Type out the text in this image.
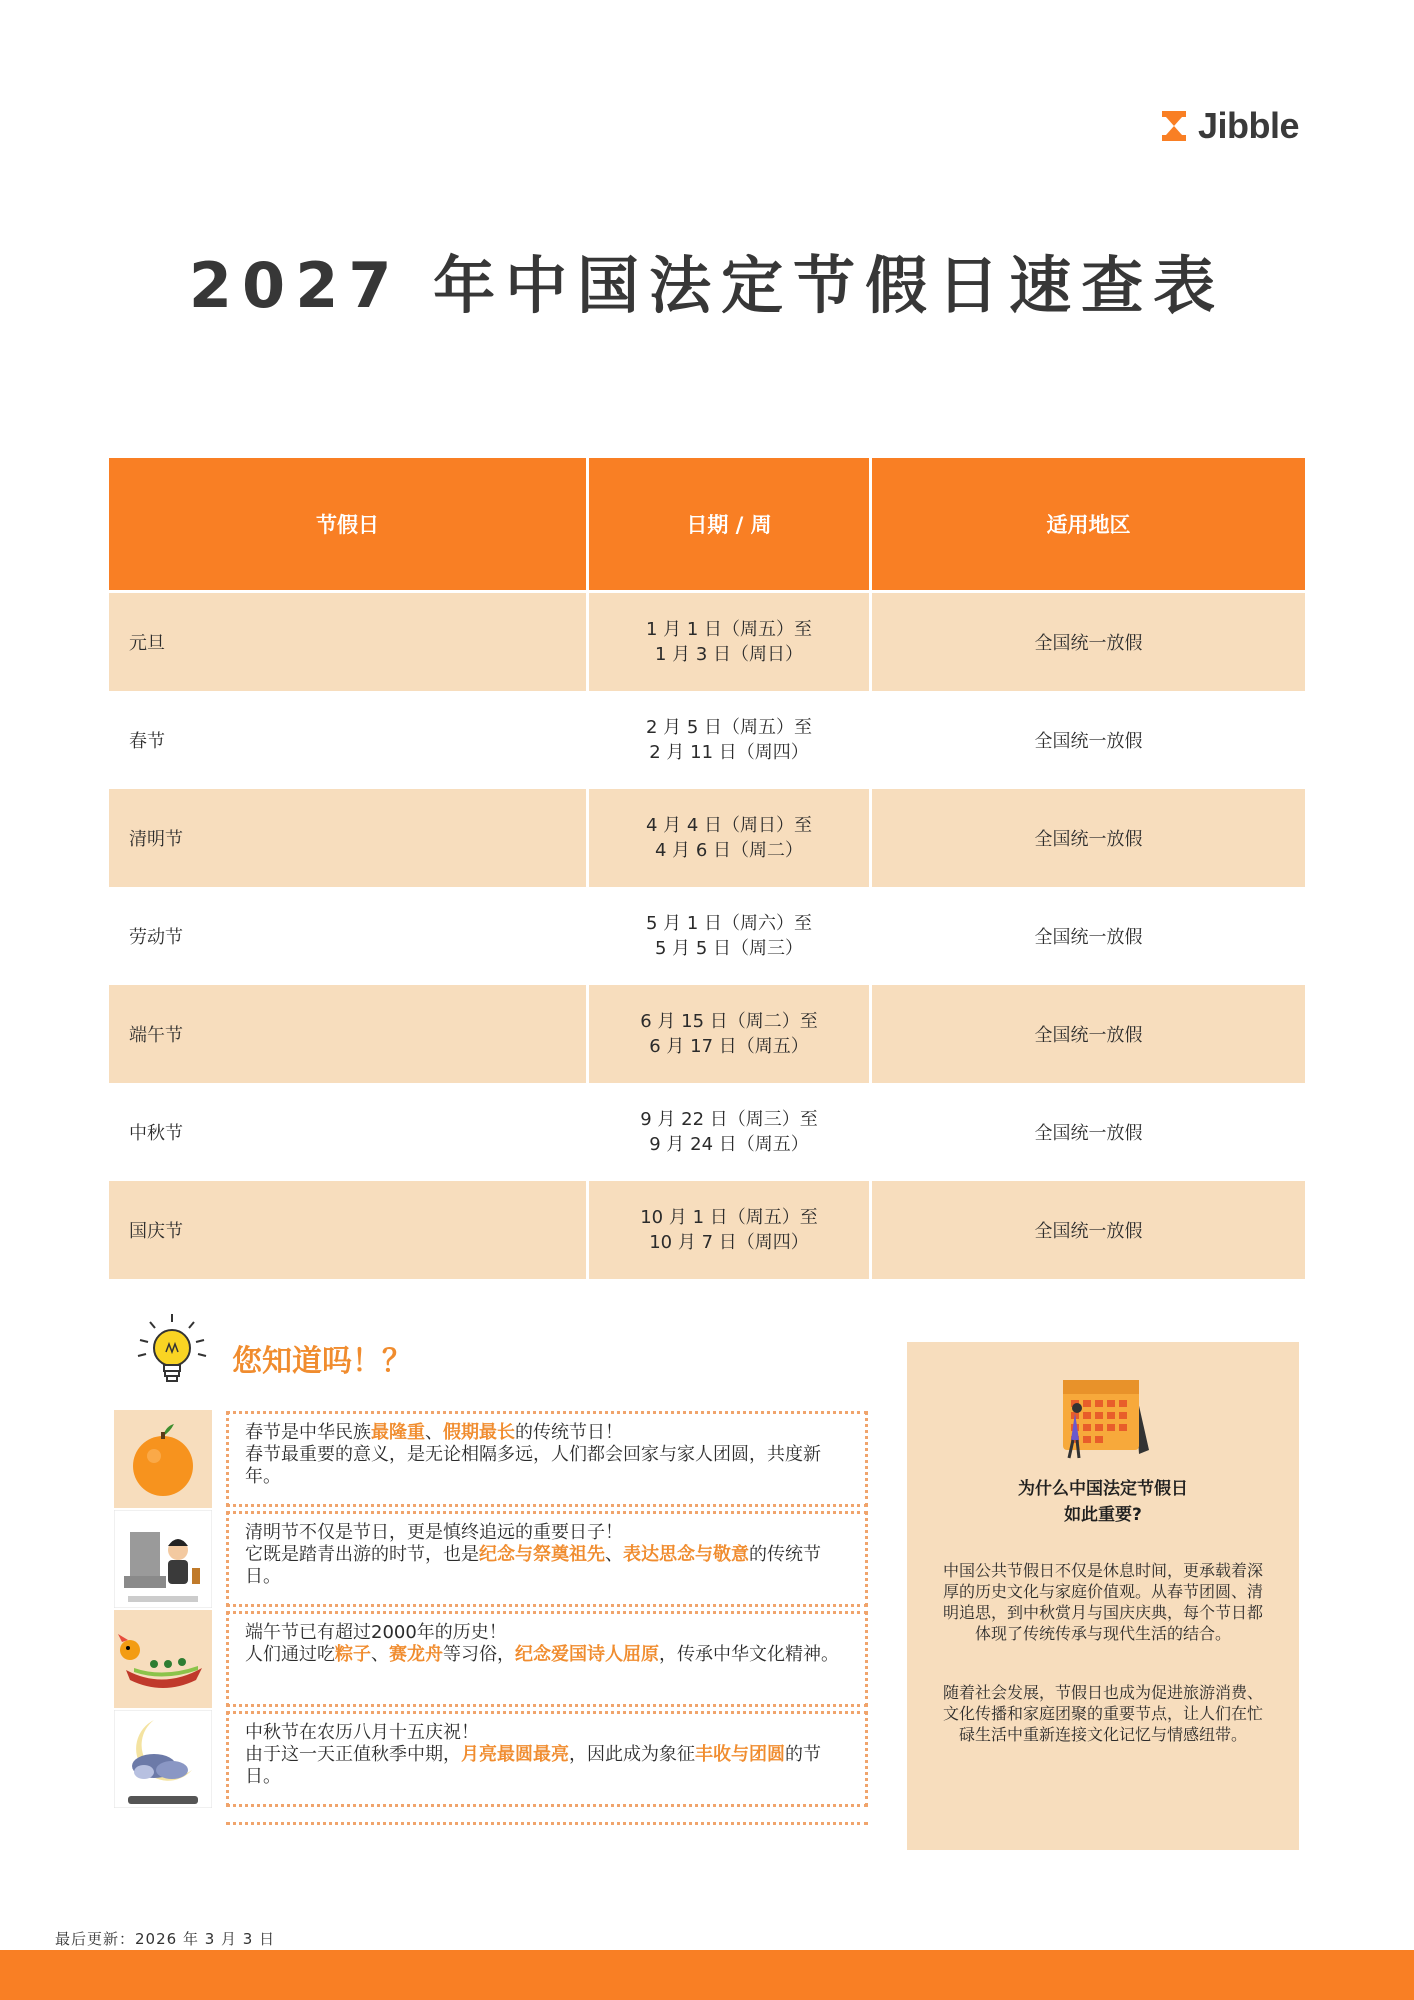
Jibble
2027 年中国法定节假日速查表
节假日	日期 / 周	适用地区
元旦
1 月 1 日（周五）至
1 月 3 日（周日）
全国统一放假
春节
2 月 5 日（周五）至
2 月 11 日（周四）
全国统一放假
清明节
4 月 4 日（周日）至
4 月 6 日（周二）
全国统一放假
劳动节
5 月 1 日（周六）至
5 月 5 日（周三）
全国统一放假
端午节
6 月 15 日（周二）至
6 月 17 日（周五）
全国统一放假
中秋节
9 月 22 日（周三）至
9 月 24 日（周五）
全国统一放假
国庆节
10 月 1 日（周五）至
10 月 7 日（周四）
全国统一放假
您知道吗！？
春节是中华民族最隆重、假期最长的传统节日！
春节最重要的意义，是无论相隔多远，人们都会回家与家人团圆，共度新年。
清明节不仅是节日，更是慎终追远的重要日子！
它既是踏青出游的时节，也是纪念与祭奠祖先、表达思念与敬意的传统节日。
端午节已有超过2000年的历史！
人们通过吃粽子、赛龙舟等习俗，纪念爱国诗人屈原，传承中华文化精神。
中秋节在农历八月十五庆祝！
由于这一天正值秋季中期，月亮最圆最亮，因此成为象征丰收与团圆的节日。
为什么中国法定节假日
如此重要?
中国公共节假日不仅是休息时间，更承载着深厚的历史文化与家庭价值观。从春节团圆、清明追思，到中秋赏月与国庆庆典，每个节日都体现了传统传承与现代生活的结合。
随着社会发展，节假日也成为促进旅游消费、文化传播和家庭团聚的重要节点，让人们在忙碌生活中重新连接文化记忆与情感纽带。
最后更新：2026 年 3 月 3 日
